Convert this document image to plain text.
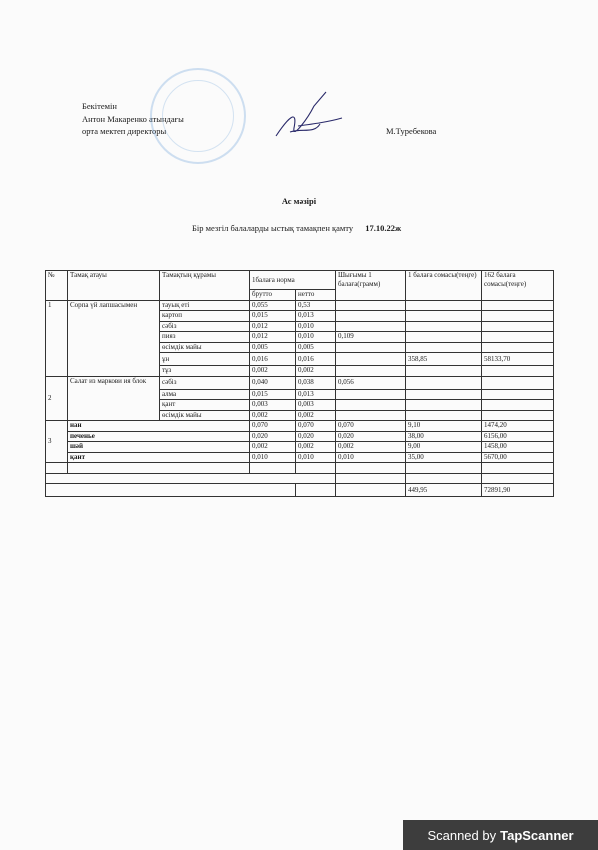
Бекітемін
Антон Макаренко атындағы
орта мектеп директоры	М.Туребекова
Ас мәзірі
Бір мезгіл балаларды ыстық тамақпен қамту 17.10.22ж
№	Тамақ атауы	Тамақтың құрамы	1балаға норма		Шығымы 1 балаға(грамм)	1 балаға сомасы(теңге)	162 балаға сомасы(теңге)
			брутто	нетто			
1	Сорпа үй лапшасымен	тауық еті	0,055	0,53			
		картоп	0,015	0,013			
		сәбіз	0,012	0,010			
		пияз	0,012	0,010	0,109		
		өсімдік майы	0,005	0,005			
		ұн	0,016	0,016		358,85	58133,70
		тұз	0,002	0,002			
2	Салат из маркови ия блок	сәбіз	0,040	0,038	0,056		
		алма	0,015	0,013			
		қант	0,003	0,003			
		өсімдік майы	0,002	0,002			
3	нан		0,070	0,070	0,070	9,10	1474,20
	печенье		0,020	0,020	0,020	38,00	6156,00
	шәй		0,002	0,002	0,002	9,00	1458,00
	қант		0,010	0,010	0,010	35,00	5670,00

						449,95	72891,90
Scanned by TapScanner
